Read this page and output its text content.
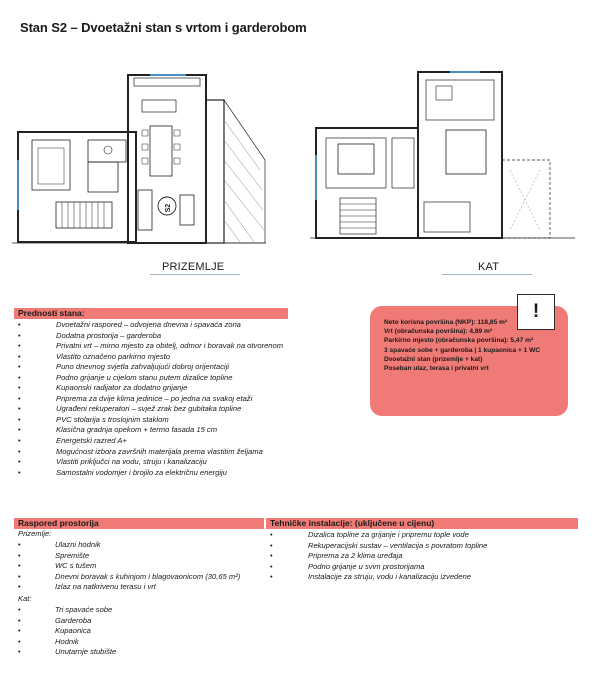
Stan S2 – Dvoetažni stan s vrtom i garderobom
S2
PRIZEMLJE	KAT
Prednosti stana:
• Dvoetažni raspored – odvojena dnevna i spavaća zona
• Dodatna prostorija – garderoba
• Privatni vrt – mirno mjesto za obitelj, odmor i boravak na otvorenom
• Vlastito označeno parkirno mjesto
• Puno dnevnog svjetla zahvaljujući dobroj orijentaciji
• Podno grijanje u cijelom stanu putem dizalice topline
• Kupaonski radijator za dodatno grijanje
• Priprema za dvije klima jedinice – po jedna na svakoj etaži
• Ugrađeni rekuperatori – svjež zrak bez gubitaka topline
• PVC stolarija s troslojnim staklom
• Klasična gradnja opekom + termo fasada 15 cm
• Energetski razred A+
• Mogućnost izbora završnih materijala prema vlastitim željama
• Vlastiti priključci na vodu, struju i kanalizaciju
• Samostalni vodomjer i brojilo za električnu energiju
Neto korisna površina (NKP): 118,85 m²
Vrt (obračunska površina): 4,89 m²
Parkirno mjesto (obračunska površina): 5,47 m²
3 spavaće sobe + garderoba | 1 kupaonica + 1 WC
Dvoetažni stan (prizemlje + kat)
Poseban ulaz, terasa i privatni vrt
!
Raspored prostorija
Prizemlje:
• Ulazni hodnik
• Spremište
• WC s tušem
• Dnevni boravak s kuhinjom i blagovaonicom (30,65 m²)
• Izlaz na natkrivenu terasu i vrt
Kat:
• Tri spavaće sobe
• Garderoba
• Kupaonica
• Hodnik
• Unutarnje stubište
Tehničke instalacije: (uključene u cijenu)
• Dizalica topline za grijanje i pripremu tople vode
• Rekuperacijski sustav – ventilacija s povratom topline
• Priprema za 2 klima uređaja
• Podno grijanje u svim prostorijama
• Instalacije za struju, vodu i kanalizaciju izvedene
